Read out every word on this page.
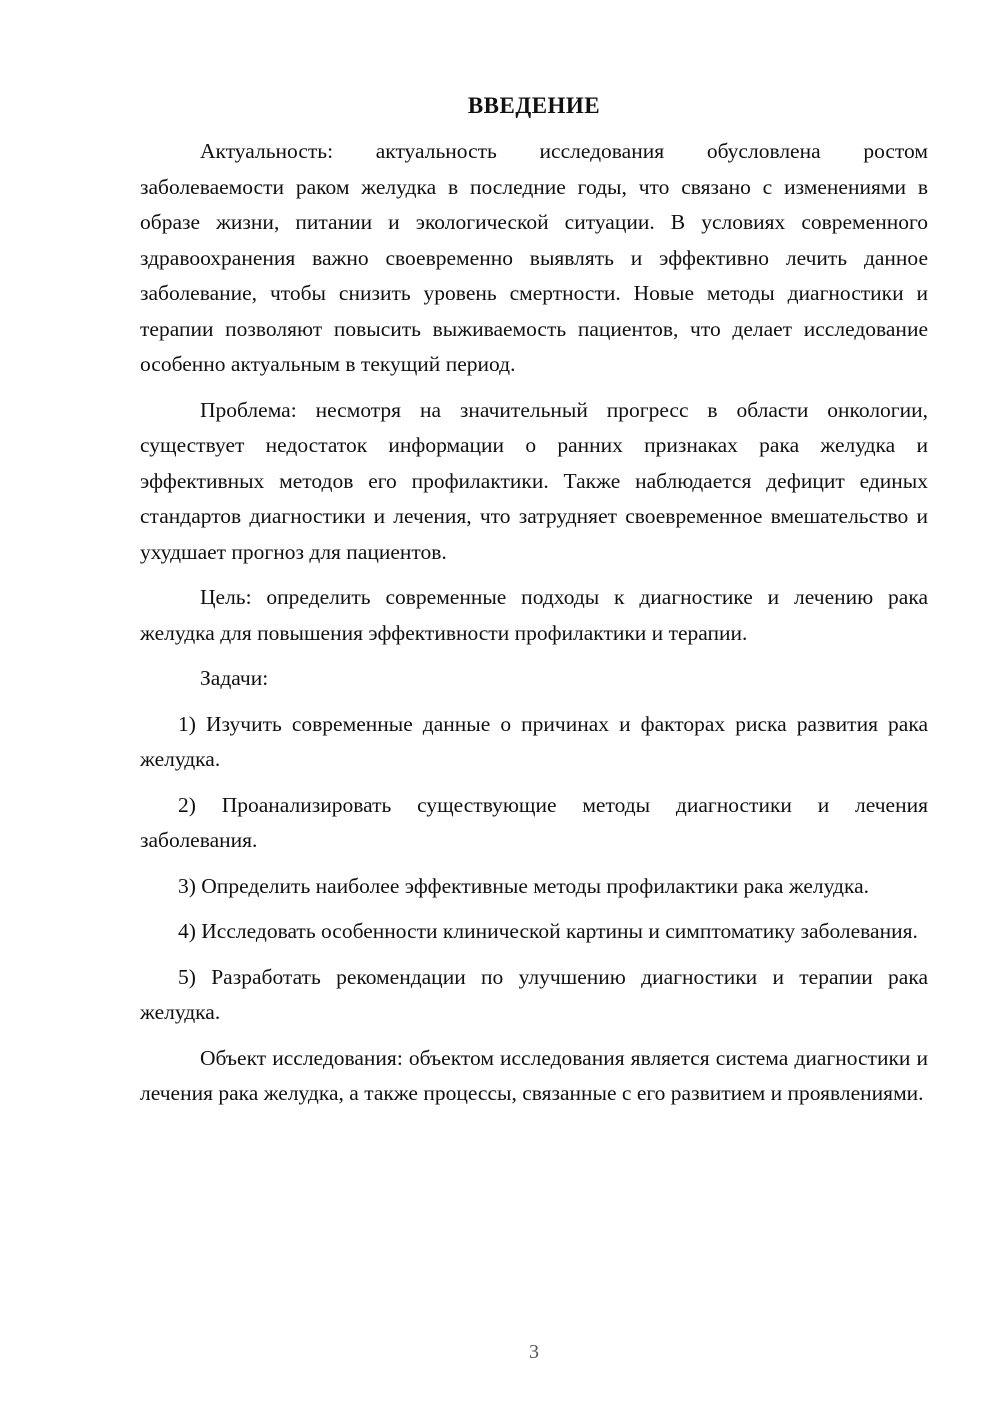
ВВЕДЕНИЕ

Актуальность: актуальность исследования обусловлена ростом заболеваемости раком желудка в последние годы, что связано с изменениями в образе жизни, питании и экологической ситуации. В условиях современного здравоохранения важно своевременно выявлять и эффективно лечить данное заболевание, чтобы снизить уровень смертности. Новые методы диагностики и терапии позволяют повысить выживаемость пациентов, что делает исследование особенно актуальным в текущий период.

Проблема: несмотря на значительный прогресс в области онкологии, существует недостаток информации о ранних признаках рака желудка и эффективных методов его профилактики. Также наблюдается дефицит единых стандартов диагностики и лечения, что затрудняет своевременное вмешательство и ухудшает прогноз для пациентов.

Цель: определить современные подходы к диагностике и лечению рака желудка для повышения эффективности профилактики и терапии.

Задачи:

1) Изучить современные данные о причинах и факторах риска развития рака желудка.

2) Проанализировать существующие методы диагностики и лечения заболевания.

3) Определить наиболее эффективные методы профилактики рака желудка.

4) Исследовать особенности клинической картины и симптоматику заболевания.

5) Разработать рекомендации по улучшению диагностики и терапии рака желудка.

Объект исследования: объектом исследования является система диагностики и лечения рака желудка, а также процессы, связанные с его развитием и проявлениями.

3
